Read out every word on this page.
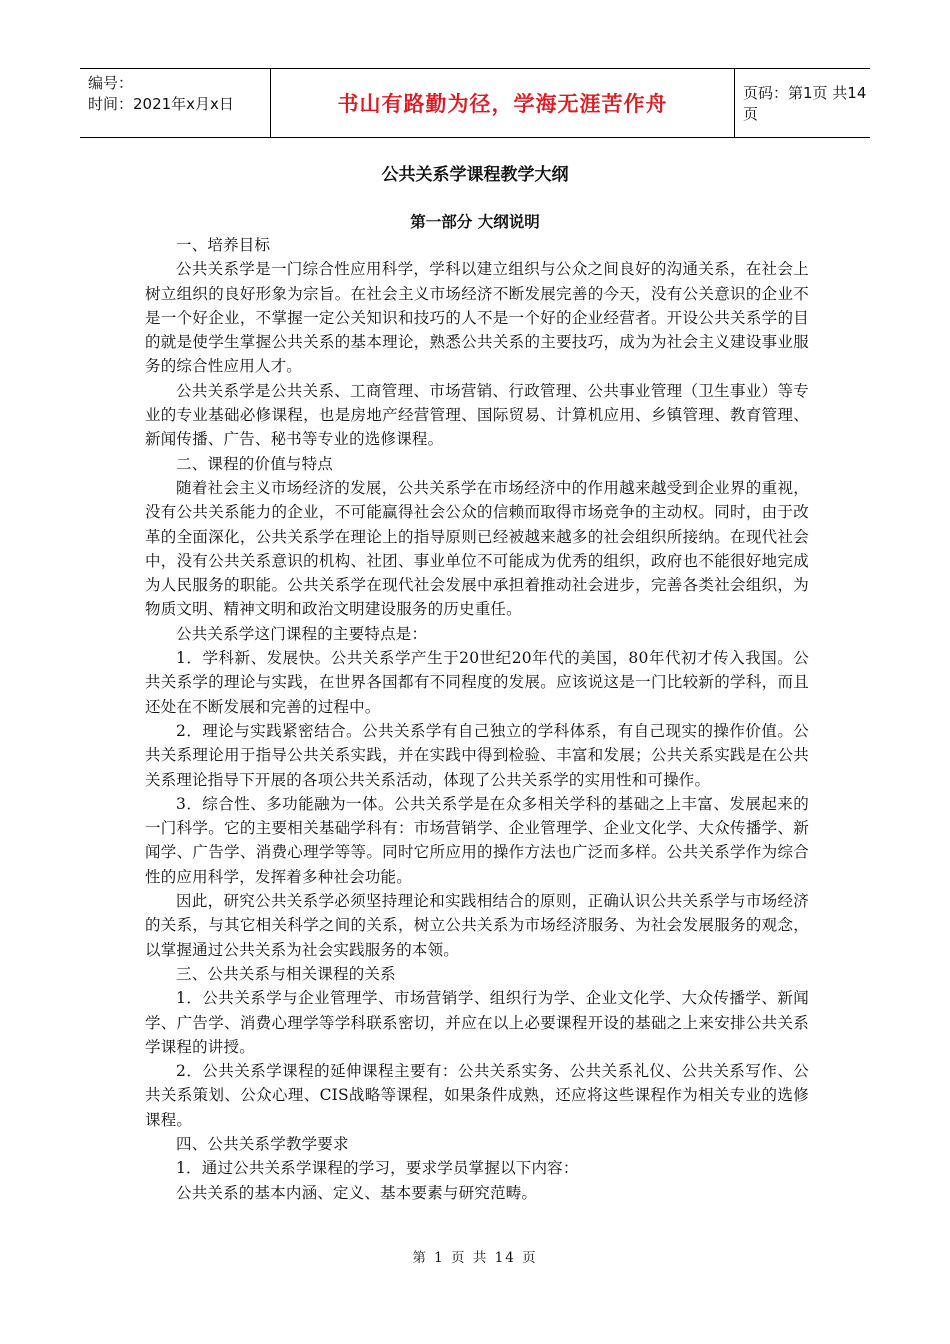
编号：
时间：2021年x月x日	书山有路勤为径，学海无涯苦作舟	页码：第1页 共14页
公共关系学课程教学大纲
第一部分 大纲说明

一、培养目标

公共关系学是一门综合性应用科学，学科以建立组织与公众之间良好的沟通关系，在社会上树立组织的良好形象为宗旨。在社会主义市场经济不断发展完善的今天，没有公关意识的企业不是一个好企业，不掌握一定公关知识和技巧的人不是一个好的企业经营者。开设公共关系学的目的就是使学生掌握公共关系的基本理论，熟悉公共关系的主要技巧，成为为社会主义建设事业服务的综合性应用人才。

公共关系学是公共关系、工商管理、市场营销、行政管理、公共事业管理（卫生事业）等专业的专业基础必修课程，也是房地产经营管理、国际贸易、计算机应用、乡镇管理、教育管理、新闻传播、广告、秘书等专业的选修课程。

二、课程的价值与特点

随着社会主义市场经济的发展，公共关系学在市场经济中的作用越来越受到企业界的重视，没有公共关系能力的企业，不可能赢得社会公众的信赖而取得市场竞争的主动权。同时，由于改革的全面深化，公共关系学在理论上的指导原则已经被越来越多的社会组织所接纳。在现代社会中，没有公共关系意识的机构、社团、事业单位不可能成为优秀的组织，政府也不能很好地完成为人民服务的职能。公共关系学在现代社会发展中承担着推动社会进步，完善各类社会组织，为物质文明、精神文明和政治文明建设服务的历史重任。

公共关系学这门课程的主要特点是：

1．学科新、发展快。公共关系学产生于20世纪20年代的美国，80年代初才传入我国。公共关系学的理论与实践，在世界各国都有不同程度的发展。应该说这是一门比较新的学科，而且还处在不断发展和完善的过程中。

2．理论与实践紧密结合。公共关系学有自己独立的学科体系，有自己现实的操作价值。公共关系理论用于指导公共关系实践，并在实践中得到检验、丰富和发展；公共关系实践是在公共关系理论指导下开展的各项公共关系活动，体现了公共关系学的实用性和可操作。

3．综合性、多功能融为一体。公共关系学是在众多相关学科的基础之上丰富、发展起来的一门科学。它的主要相关基础学科有：市场营销学、企业管理学、企业文化学、大众传播学、新闻学、广告学、消费心理学等等。同时它所应用的操作方法也广泛而多样。公共关系学作为综合性的应用科学，发挥着多种社会功能。

因此，研究公共关系学必须坚持理论和实践相结合的原则，正确认识公共关系学与市场经济的关系，与其它相关科学之间的关系，树立公共关系为市场经济服务、为社会发展服务的观念，以掌握通过公共关系为社会实践服务的本领。

三、公共关系与相关课程的关系

1．公共关系学与企业管理学、市场营销学、组织行为学、企业文化学、大众传播学、新闻学、广告学、消费心理学等学科联系密切，并应在以上必要课程开设的基础之上来安排公共关系学课程的讲授。

2．公共关系学课程的延伸课程主要有：公共关系实务、公共关系礼仪、公共关系写作、公共关系策划、公众心理、CIS战略等课程，如果条件成熟，还应将这些课程作为相关专业的选修课程。

四、公共关系学教学要求

1．通过公共关系学课程的学习，要求学员掌握以下内容：

公共关系的基本内涵、定义、基本要素与研究范畴。

第 1 页 共 14 页
